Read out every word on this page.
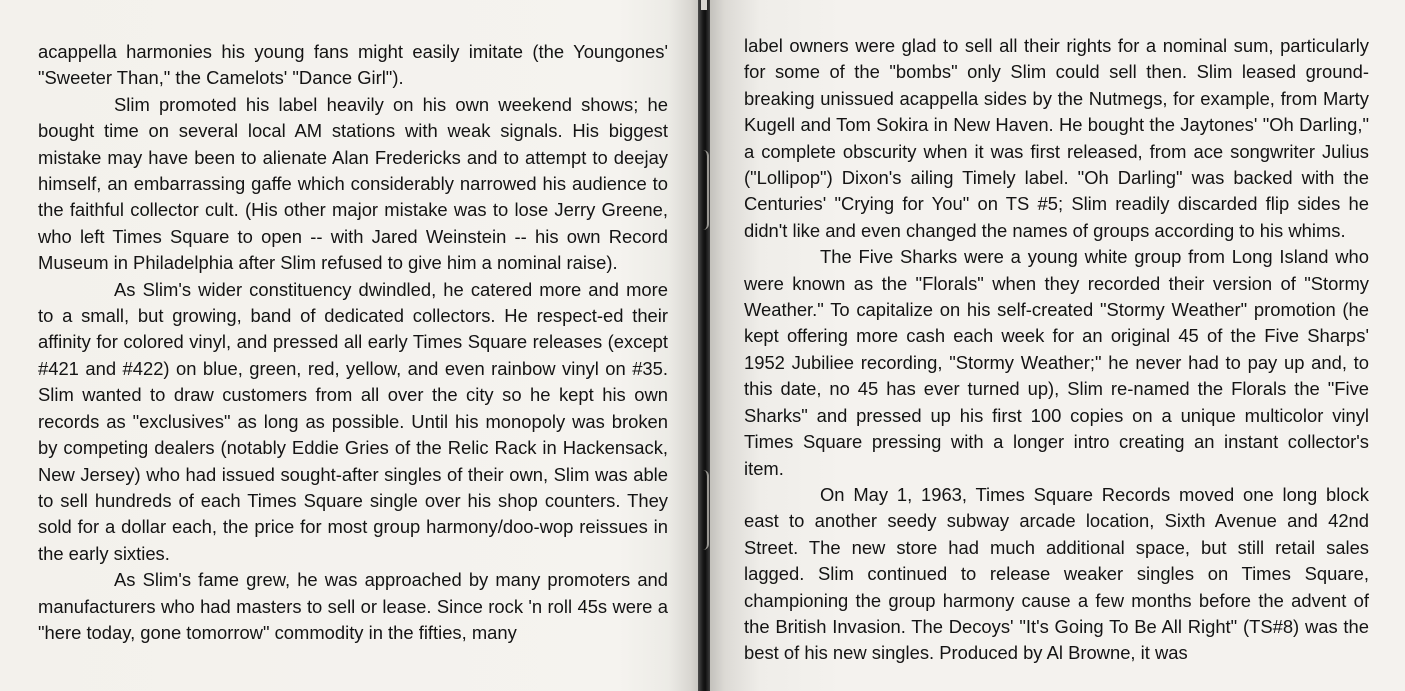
acappella harmonies his young fans might easily imitate (the Youngones' "Sweeter Than," the Camelots' "Dance Girl").

Slim promoted his label heavily on his own weekend shows; he bought time on several local AM stations with weak signals. His biggest mistake may have been to alienate Alan Fredericks and to attempt to deejay himself, an embarrassing gaffe which considerably narrowed his audience to the faithful collector cult. (His other major mistake was to lose Jerry Greene, who left Times Square to open -- with Jared Weinstein -- his own Record Museum in Philadelphia after Slim refused to give him a nominal raise).

As Slim's wider constituency dwindled, he catered more and more to a small, but growing, band of dedicated collectors. He respect-ed their affinity for colored vinyl, and pressed all early Times Square releases (except #421 and #422) on blue, green, red, yellow, and even rainbow vinyl on #35. Slim wanted to draw customers from all over the city so he kept his own records as "exclusives" as long as possible. Until his monopoly was broken by competing dealers (notably Eddie Gries of the Relic Rack in Hackensack, New Jersey) who had issued sought-after singles of their own, Slim was able to sell hundreds of each Times Square single over his shop counters. They sold for a dollar each, the price for most group harmony/doo-wop reissues in the early sixties.

As Slim's fame grew, he was approached by many promoters and manufacturers who had masters to sell or lease. Since rock 'n roll 45s were a "here today, gone tomorrow" commodity in the fifties, many

label owners were glad to sell all their rights for a nominal sum, particularly for some of the "bombs" only Slim could sell then. Slim leased ground-breaking unissued acappella sides by the Nutmegs, for example, from Marty Kugell and Tom Sokira in New Haven. He bought the Jaytones' "Oh Darling," a complete obscurity when it was first released, from ace songwriter Julius ("Lollipop") Dixon's ailing Timely label. "Oh Darling" was backed with the Centuries' "Crying for You" on TS #5; Slim readily discarded flip sides he didn't like and even changed the names of groups according to his whims.

The Five Sharks were a young white group from Long Island who were known as the "Florals" when they recorded their version of "Stormy Weather." To capitalize on his self-created "Stormy Weather" promotion (he kept offering more cash each week for an original 45 of the Five Sharps' 1952 Jubiliee recording, "Stormy Weather;" he never had to pay up and, to this date, no 45 has ever turned up), Slim re-named the Florals the "Five Sharks" and pressed up his first 100 copies on a unique multicolor vinyl Times Square pressing with a longer intro creating an instant collector's item.

On May 1, 1963, Times Square Records moved one long block east to another seedy subway arcade location, Sixth Avenue and 42nd Street. The new store had much additional space, but still retail sales lagged. Slim continued to release weaker singles on Times Square, championing the group harmony cause a few months before the advent of the British Invasion. The Decoys' "It's Going To Be All Right" (TS#8) was the best of his new singles. Produced by Al Browne, it was
